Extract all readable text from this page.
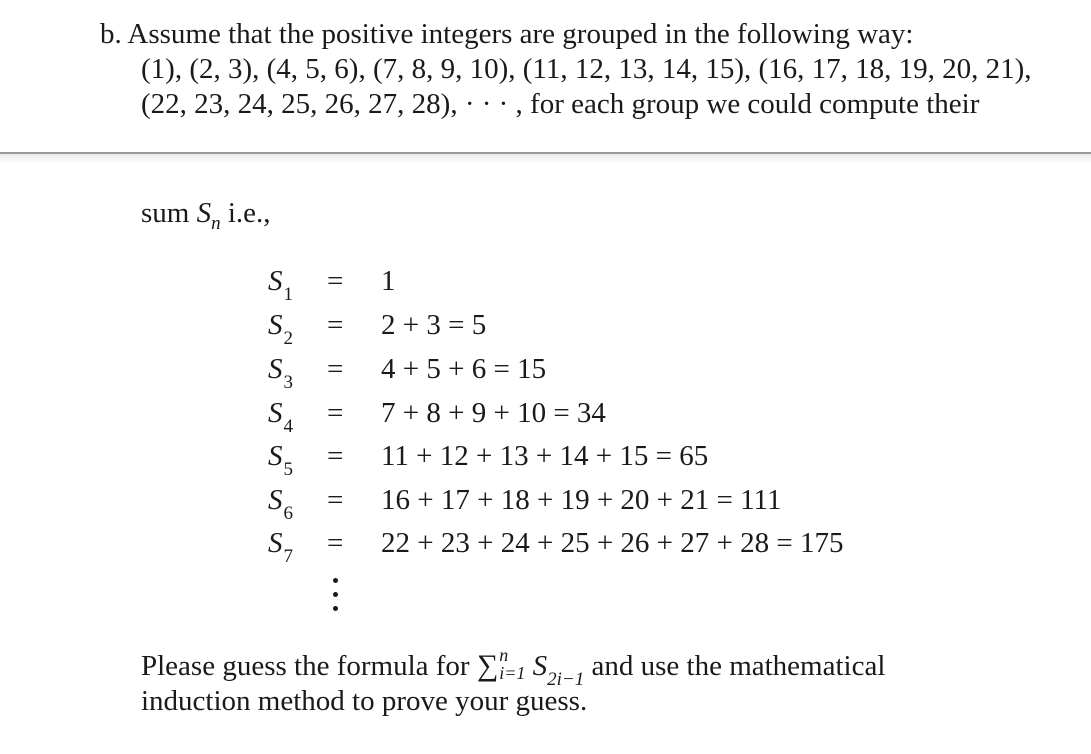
b. Assume that the positive integers are grouped in the following way:
(1), (2, 3), (4, 5, 6), (7, 8, 9, 10), (11, 12, 13, 14, 15), (16, 17, 18, 19, 20, 21),
(22, 23, 24, 25, 26, 27, 28), · · · , for each group we could compute their
sum $S_n$ i.e.,
$S_1 = 1$
$S_2 = 2 + 3 = 5$
$S_3 = 4 + 5 + 6 = 15$
$S_4 = 7 + 8 + 9 + 10 = 34$
$S_5 = 11 + 12 + 13 + 14 + 15 = 65$
$S_6 = 16 + 17 + 18 + 19 + 20 + 21 = 111$
$S_7 = 22 + 23 + 24 + 25 + 26 + 27 + 28 = 175$
Please guess the formula for ∑ n
i=1 $S_{2i-1}$ and use the mathematical
induction method to prove your guess.
